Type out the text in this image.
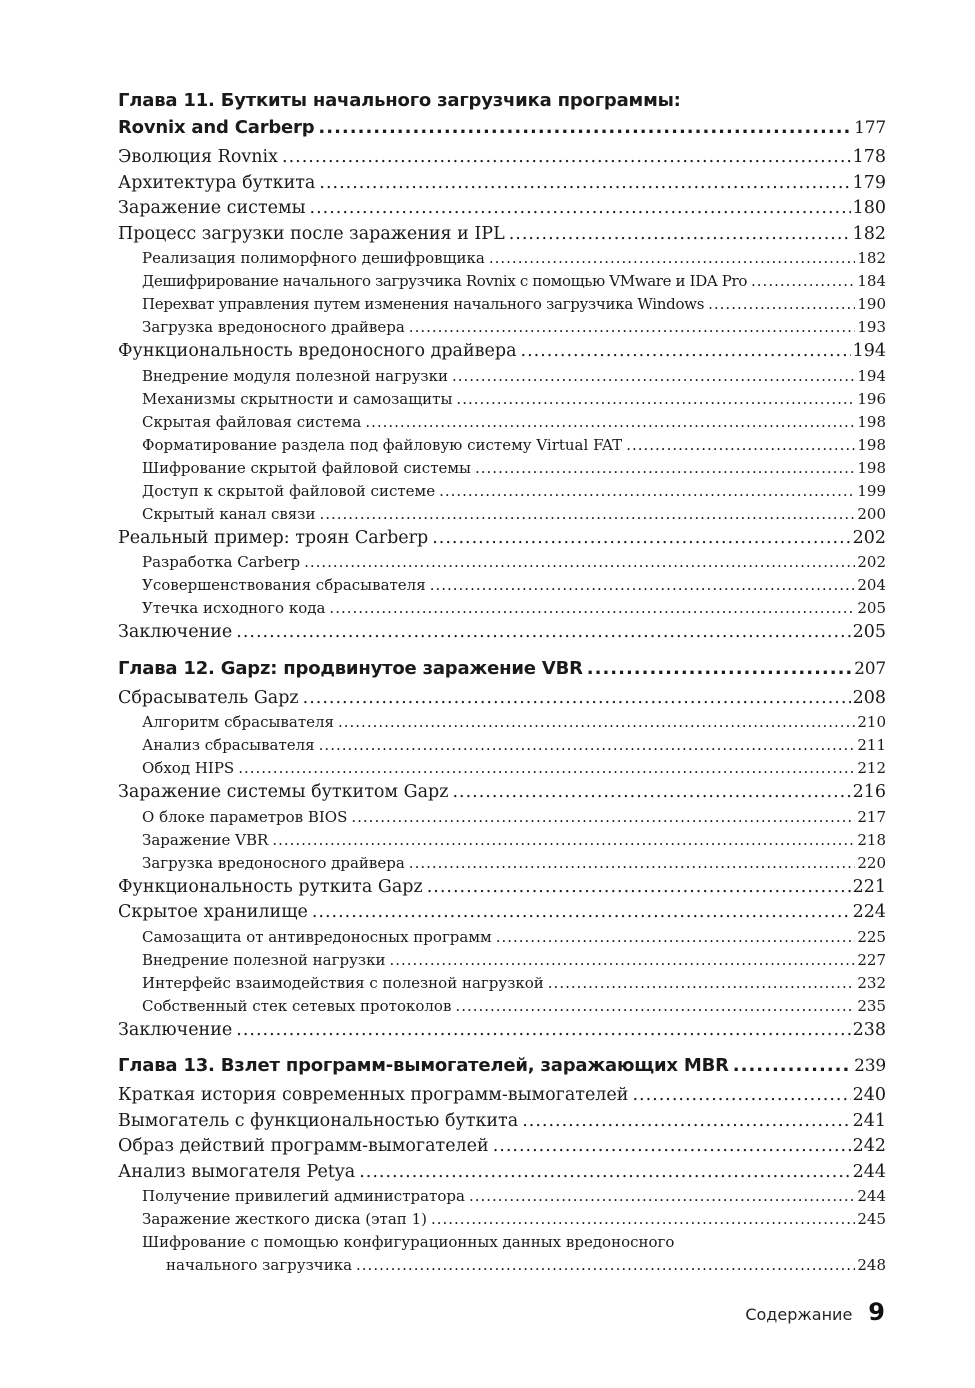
Глава 11. Буткиты начального загрузчика программы:
Rovnix and Carberp .....	177
Эволюция Rovnix .....	178
Архитектура буткита .....	179
Заражение системы .....	180
Процесс загрузки после заражения и IPL .....	182
Реализация полиморфного дешифровщика .....	182
Дешифрирование начального загрузчика Rovnix с помощью VMware и IDA Pro .....	184
Перехват управления путем изменения начального загрузчика Windows .....	190
Загрузка вредоносного драйвера .....	193
Функциональность вредоносного драйвера .....	194
Внедрение модуля полезной нагрузки .....	194
Механизмы скрытности и самозащиты .....	196
Скрытая файловая система .....	198
Форматирование раздела под файловую систему Virtual FAT .....	198
Шифрование скрытой файловой системы .....	198
Доступ к скрытой файловой системе .....	199
Скрытый канал связи .....	200
Реальный пример: троян Carberp .....	202
Разработка Carberp .....	202
Усовершенствования сбрасывателя .....	204
Утечка исходного кода .....	205
Заключение .....	205
Глава 12. Gapz: продвинутое заражение VBR .....	207
Сбрасыватель Gapz .....	208
Алгоритм сбрасывателя .....	210
Анализ сбрасывателя .....	211
Обход HIPS .....	212
Заражение системы буткитом Gapz .....	216
О блоке параметров BIOS .....	217
Заражение VBR .....	218
Загрузка вредоносного драйвера .....	220
Функциональность руткита Gapz .....	221
Скрытое хранилище .....	224
Самозащита от антивредоносных программ .....	225
Внедрение полезной нагрузки .....	227
Интерфейс взаимодействия с полезной нагрузкой .....	232
Собственный стек сетевых протоколов .....	235
Заключение .....	238
Глава 13. Взлет программ-вымогателей, заражающих MBR .....	239
Краткая история современных программ-вымогателей .....	240
Вымогатель с функциональностью буткита .....	241
Образ действий программ-вымогателей .....	242
Анализ вымогателя Petya .....	244
Получение привилегий администратора .....	244
Заражение жесткого диска (этап 1) .....	245
Шифрование с помощью конфигурационных данных вредоносного
начального загрузчика .....	248
Содержание 9
